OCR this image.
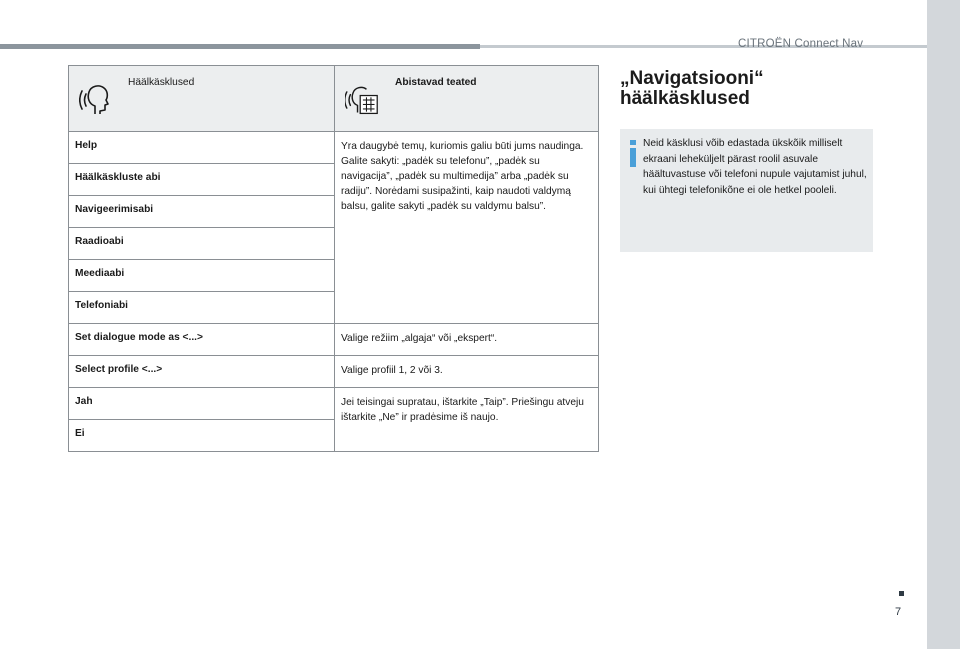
CITROËN Connect Nav
Häälkäsklused	Abistavad teated

Help	Yra daugybė temų, kuriomis galiu būti jums naudinga. Galite sakyti: „padėk su telefonu”, „padėk su navigacija”, „padėk su multimedija” arba „padėk su radiju”. Norėdami susipažinti, kaip naudoti valdymą balsu, galite sakyti „padėk su valdymu balsu”.

Häälkäskluste abi	

Navigeerimisabi	

Raadioabi	

Meediaabi	

Telefoniabi	

Set dialogue mode as <...>	Valige režiim „algaja“ või „ekspert“.

Select profile <...>	Valige profiil 1, 2 või 3.

Jah	Jei teisingai supratau, ištarkite „Taip”. Priešingu atveju ištarkite „Ne” ir pradėsime iš naujo.

Ei	
„Navigatsiooni“
häälkäsklused
Neid käsklusi võib edastada ükskõik milliselt ekraani leheküljelt pärast roolil asuvale häältuvastuse või telefoni nupule vajutamist juhul, kui ühtegi telefonikõne ei ole hetkel pooleli.
7
